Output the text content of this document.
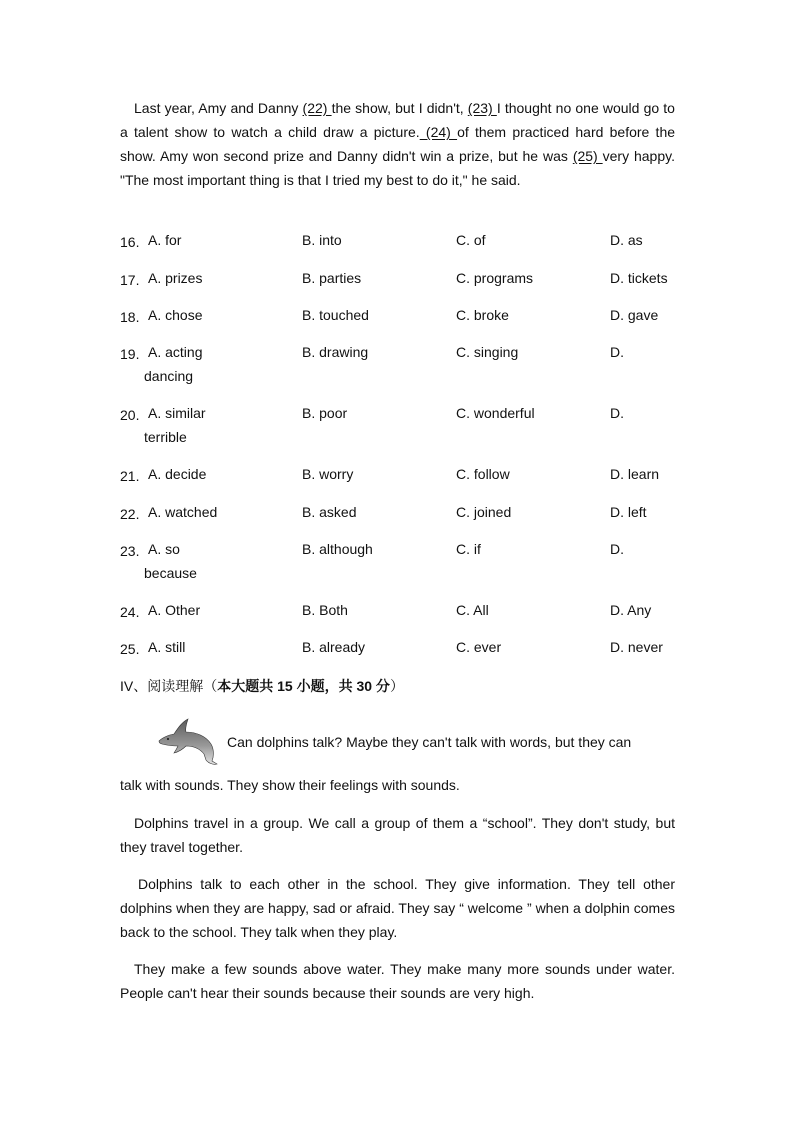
Last year, Amy and Danny (22) the show, but I didn't, (23) I thought no one would go to a talent show to watch a child draw a picture. (24) of them practiced hard before the show. Amy won second prize and Danny didn't win a prize, but he was (25) very happy. "The most important thing is that I tried my best to do it," he said.
16. A. for	B. into	C. of	D. as
17. A. prizes	B. parties	C. programs	D. tickets
18. A. chose	B. touched	C. broke	D. gave
19. A. acting	B. drawing	C. singing	D.
dancing
20. A. similar	B. poor	C. wonderful	D.
terrible
21. A. decide	B. worry	C. follow	D. learn
22. A. watched	B. asked	C. joined	D. left
23. A. so	B. although	C. if	D.
because
24. A. Other	B. Both	C. All	D. Any
25. A. still	B. already	C. ever	D. never
IV、阅读理解（本大题共 15 小题，共 30 分）
Can dolphins talk? Maybe they can't talk with words, but they can
talk with sounds. They show their feelings with sounds.
Dolphins travel in a group. We call a group of them a “school”. They don't study, but they travel together.
Dolphins talk to each other in the school. They give information. They tell other dolphins when they are happy, sad or afraid. They say “ welcome ” when a dolphin comes back to the school. They talk when they play.
They make a few sounds above water. They make many more sounds under water. People can't hear their sounds because their sounds are very high.
